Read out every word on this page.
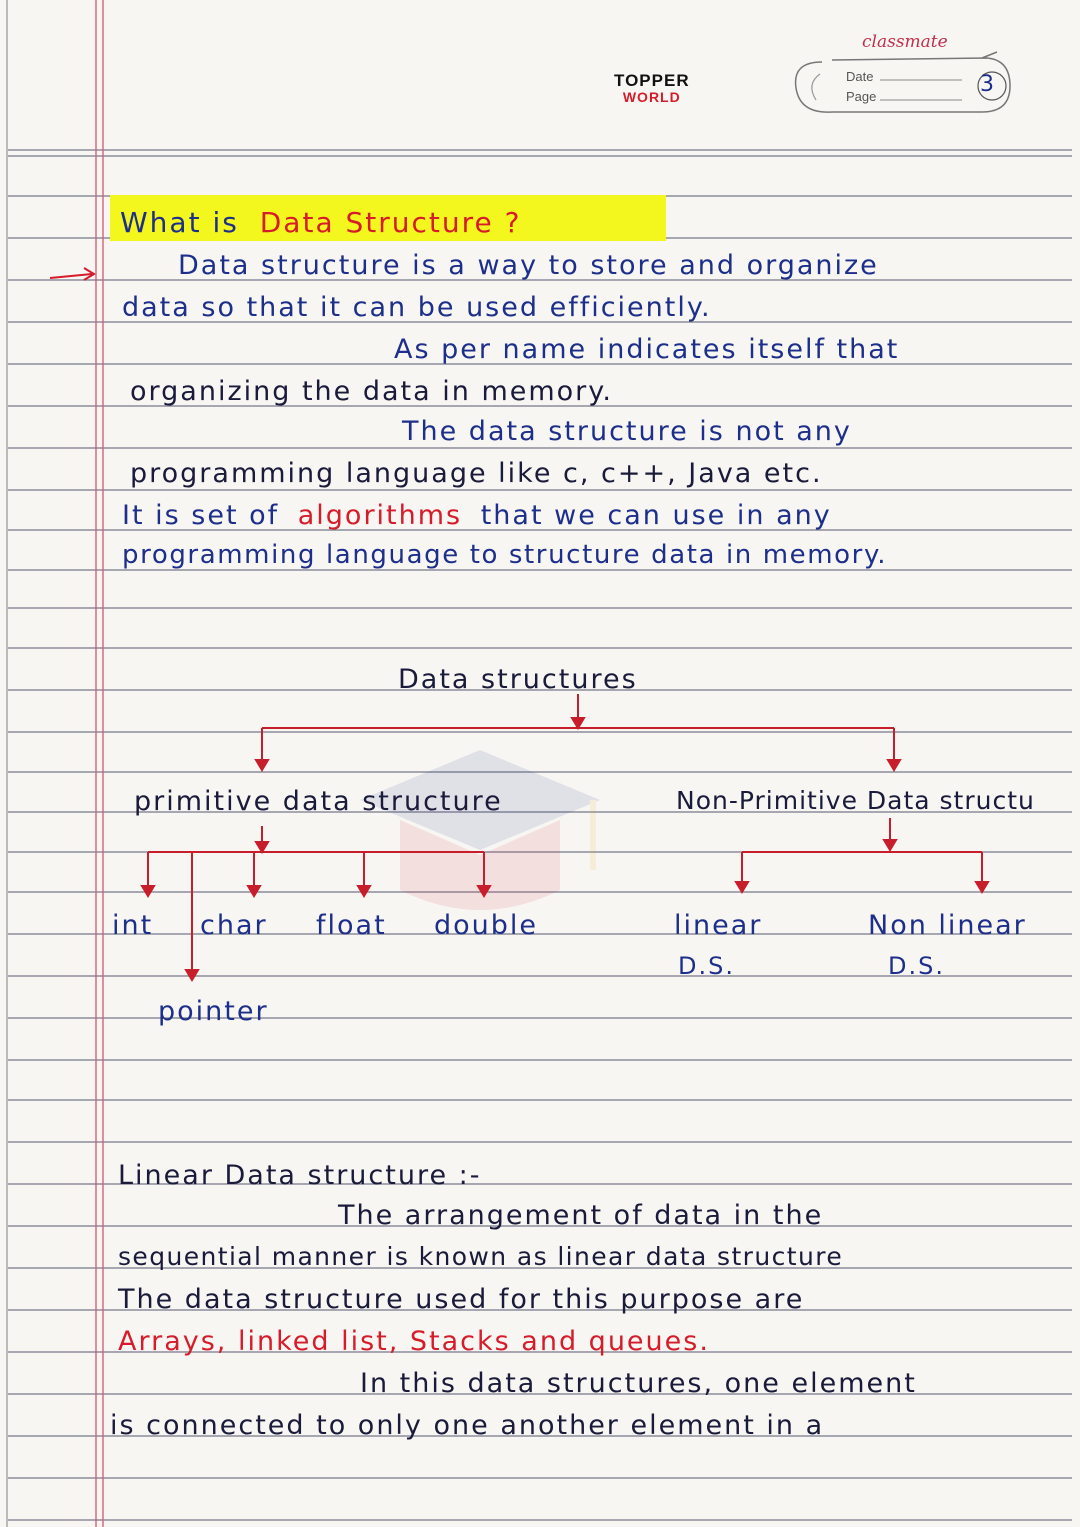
TOPPER
WORLD
classmate
Date
Page	3
What is Data Structure ?
Data structure is a way to store and organize
data so that it can be used efficiently.
As per name indicates itself that
organizing the data in memory.
The data structure is not any
programming language like c, c++, Java etc.
It is set of algorithms that we can use in any
programming language to structure data in memory.
Data structures
primitive data structure	Non-Primitive Data structu
int char float double
pointer
linear
D.S.
Non linear
D.S.
Linear Data structure :-
The arrangement of data in the
sequential manner is known as linear data structure
The data structure used for this purpose are
Arrays, linked list, Stacks and queues.
In this data structures, one element
is connected to only one another element in a
